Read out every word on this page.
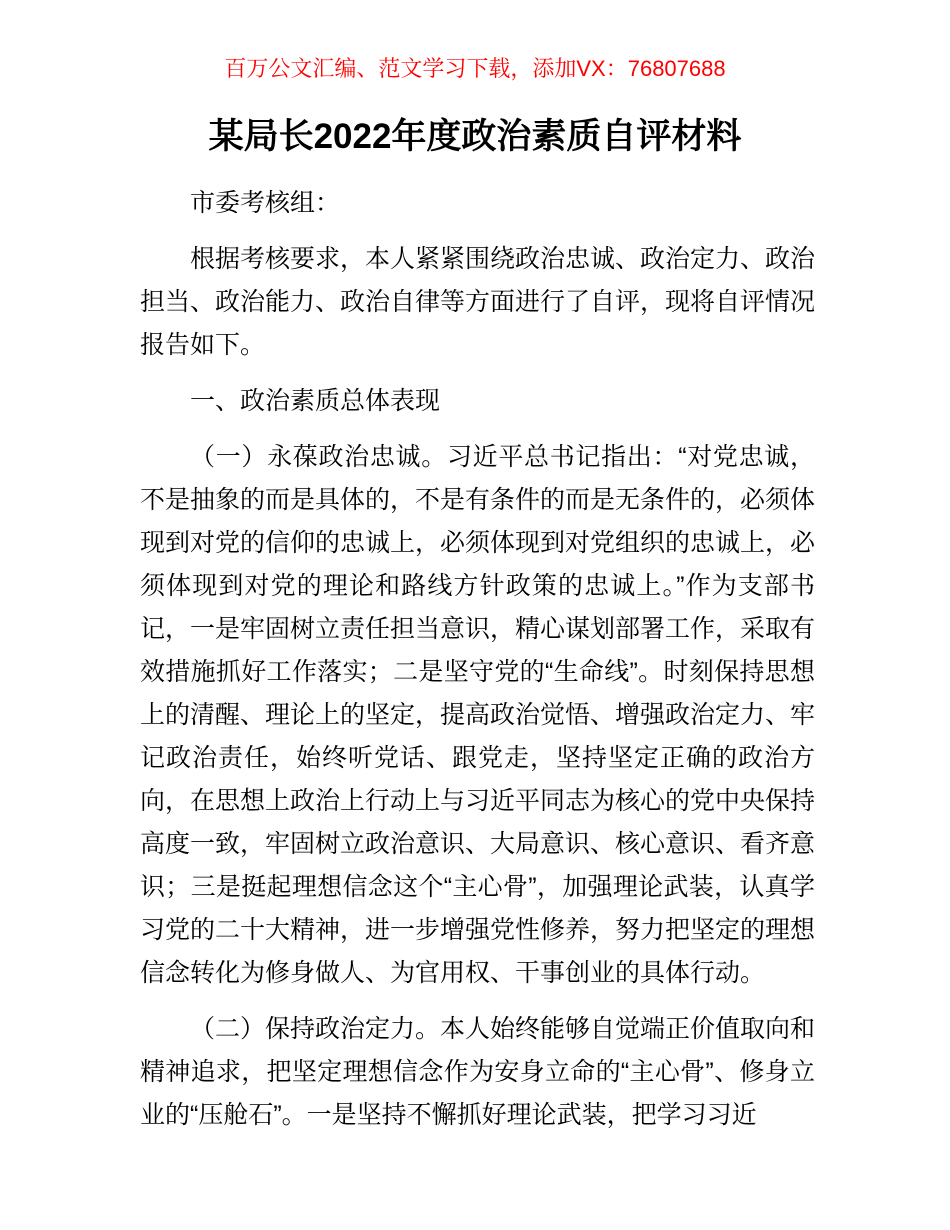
百万公文汇编、范文学习下载，添加VX：76807688
某局长2022年度政治素质自评材料

市委考核组：

根据考核要求，本人紧紧围绕政治忠诚、政治定力、政治担当、政治能力、政治自律等方面进行了自评，现将自评情况报告如下。

一、政治素质总体表现

（一）永葆政治忠诚。习近平总书记指出：“对党忠诚，不是抽象的而是具体的，不是有条件的而是无条件的，必须体现到对党的信仰的忠诚上，必须体现到对党组织的忠诚上，必须体现到对党的理论和路线方针政策的忠诚上。”作为支部书记，一是牢固树立责任担当意识，精心谋划部署工作，采取有效措施抓好工作落实；二是坚守党的“生命线”。时刻保持思想上的清醒、理论上的坚定，提高政治觉悟、增强政治定力、牢记政治责任，始终听党话、跟党走，坚持坚定正确的政治方向，在思想上政治上行动上与习近平同志为核心的党中央保持高度一致，牢固树立政治意识、大局意识、核心意识、看齐意识；三是挺起理想信念这个“主心骨”，加强理论武装，认真学习党的二十大精神，进一步增强党性修养，努力把坚定的理想信念转化为修身做人、为官用权、干事创业的具体行动。

（二）保持政治定力。本人始终能够自觉端正价值取向和精神追求，把坚定理想信念作为安身立命的“主心骨”、修身立业的“压舱石”。一是坚持不懈抓好理论武装，把学习习近
